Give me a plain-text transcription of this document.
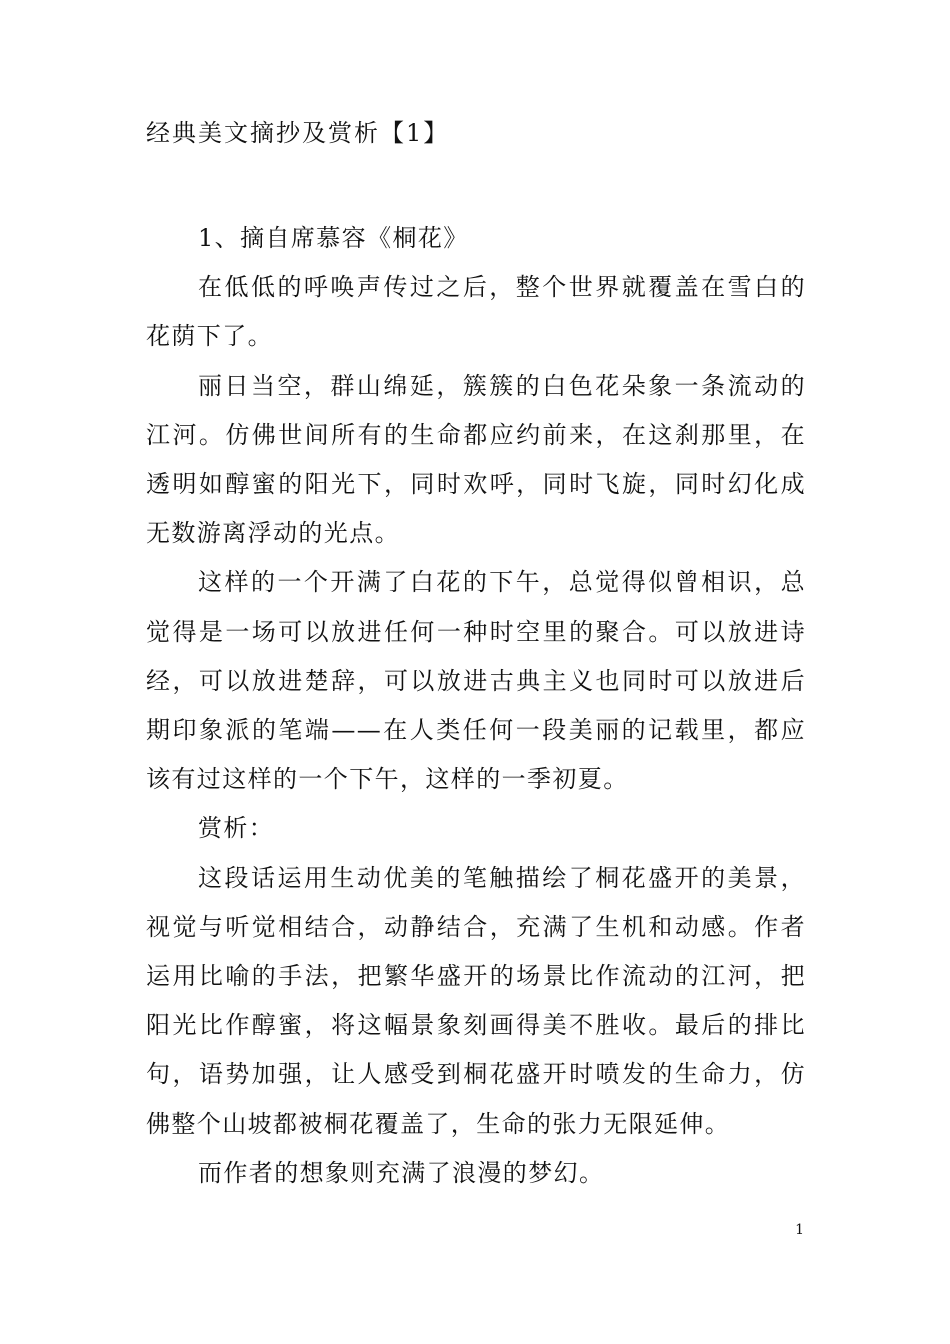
经典美文摘抄及赏析【1】

1、摘自席慕容《桐花》

在低低的呼唤声传过之后，整个世界就覆盖在雪白的花荫下了。

丽日当空，群山绵延，簇簇的白色花朵象一条流动的江河。仿佛世间所有的生命都应约前来，在这刹那里，在透明如醇蜜的阳光下，同时欢呼，同时飞旋，同时幻化成无数游离浮动的光点。

这样的一个开满了白花的下午，总觉得似曾相识，总觉得是一场可以放进任何一种时空里的聚合。可以放进诗经，可以放进楚辞，可以放进古典主义也同时可以放进后期印象派的笔端——在人类任何一段美丽的记载里，都应该有过这样的一个下午，这样的一季初夏。

赏析：

这段话运用生动优美的笔触描绘了桐花盛开的美景，视觉与听觉相结合，动静结合，充满了生机和动感。作者运用比喻的手法，把繁华盛开的场景比作流动的江河，把阳光比作醇蜜，将这幅景象刻画得美不胜收。最后的排比句，语势加强，让人感受到桐花盛开时喷发的生命力，仿佛整个山坡都被桐花覆盖了，生命的张力无限延伸。

而作者的想象则充满了浪漫的梦幻。

1
